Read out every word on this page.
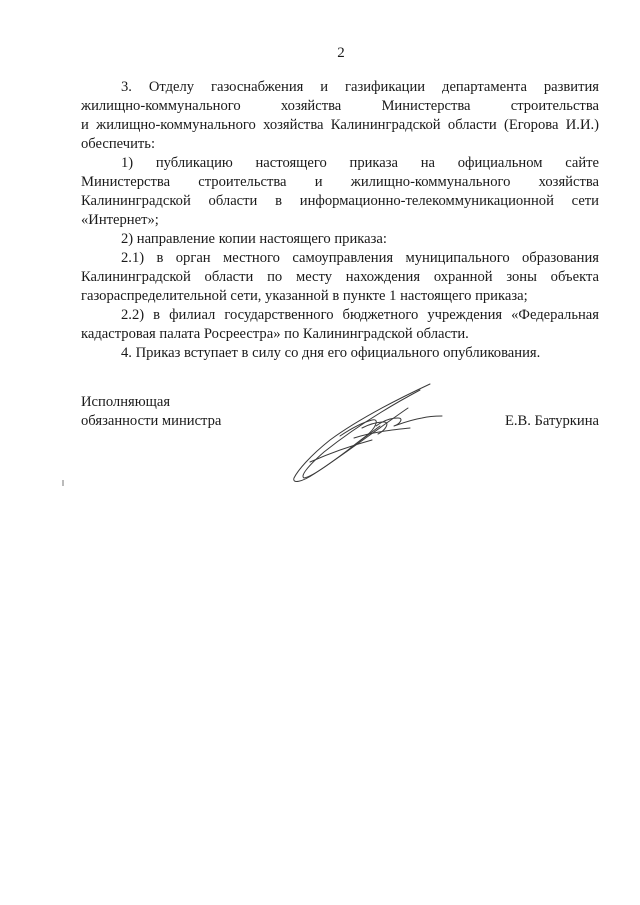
2
3. Отделу газоснабжения и газификации департамента развития
жилищно-коммунального хозяйства Министерства строительства
и жилищно-коммунального хозяйства Калининградской области (Егорова И.И.)
обеспечить:
1) публикацию настоящего приказа на официальном сайте
Министерства строительства и жилищно-коммунального хозяйства
Калининградской области в информационно-телекоммуникационной сети
«Интернет»;
2) направление копии настоящего приказа:
2.1) в орган местного самоуправления муниципального образования
Калининградской области по месту нахождения охранной зоны объекта
газораспределительной сети, указанной в пункте 1 настоящего приказа;
2.2) в филиал государственного бюджетного учреждения «Федеральная
кадастровая палата Росреестра» по Калининградской области.
4. Приказ вступает в силу со дня его официального опубликования.
Исполняющая
обязанности министра	Е.В. Батуркина
